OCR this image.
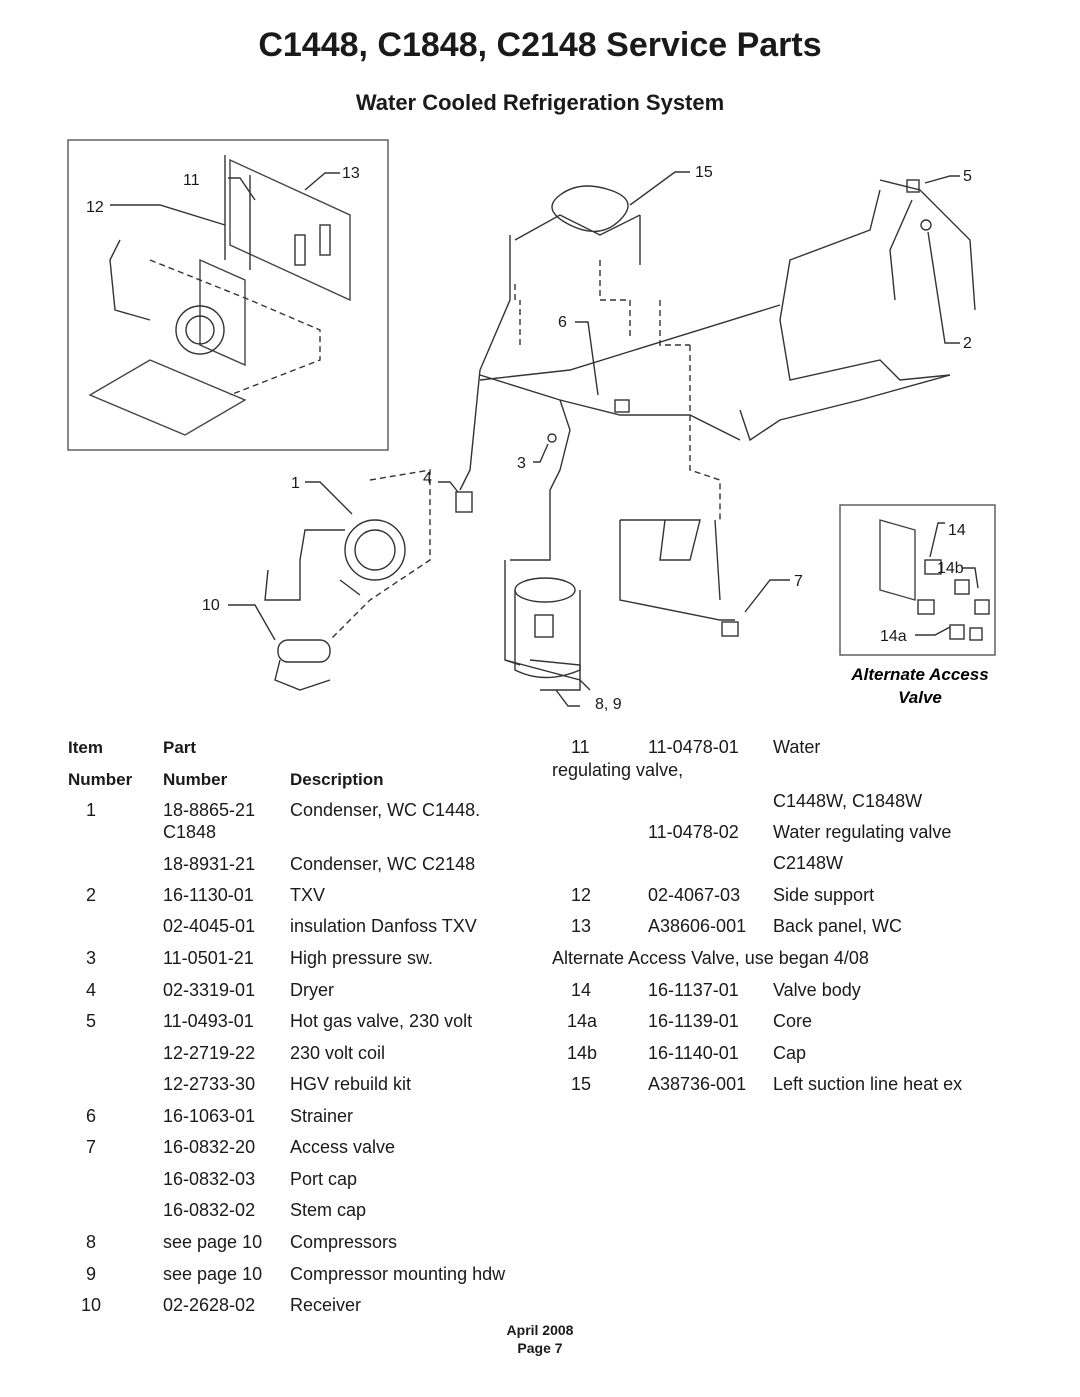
C1448, C1848, C2148 Service Parts
Water Cooled Refrigeration System
11
12
13	15	5
2
6
3
4
1
10
7
8, 9
14
14b
14a
Alternate Access
Valve
Item
Number
Part
Number	Description
1	18-8865-21 Condenser, WC C1448.
C1848
18-8931-21 Condenser, WC C2148
2	16-1130-01 TXV
02-4045-01 insulation Danfoss TXV
3	11-0501-21 High pressure sw.
4	02-3319-01 Dryer
5	11-0493-01 Hot gas valve, 230 volt
12-2719-22 230 volt coil
12-2733-30 HGV rebuild kit
6	16-1063-01 Strainer
7	16-0832-20 Access valve
16-0832-03 Port cap
16-0832-02 Stem cap
8	see page 10 Compressors
9	see page 10 Compressor mounting hdw
10	02-2628-02 Receiver
11	11-0478-01 Water
regulating valve,
C1448W, C1848W
11-0478-02 Water regulating valve
C2148W
12	02-4067-03 Side support
13	A38606-001 Back panel, WC
Alternate Access Valve, use began 4/08
14	16-1137-01 Valve body
14a	16-1139-01 Core
14b	16-1140-01 Cap
15	A38736-001 Left suction line heat ex
April 2008
Page 7
